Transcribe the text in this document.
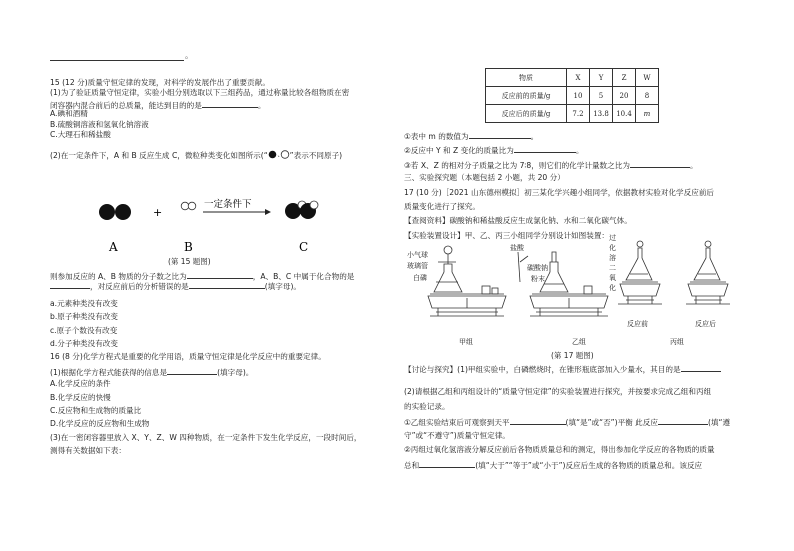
。
15 (12 分)质量守恒定律的发现，对科学的发展作出了重要贡献。
(1)为了验证质量守恒定律，实验小组分别选取以下三组药品，通过称量比较各组物质在密
闭容器内混合前后的总质量，能达到目的的是	。
A.碘和酒精
B.硫酸铜溶液和氢氧化钠溶液
C.大理石和稀盐酸
(2)在一定条件下，A 和 B 反应生成 C，微粒种类变化如图所示(“ 、 ”表示不同原子)
+
一定条件下
A	B	C
(第 15 题图)
则参加反应的 A、B 物质的分子数之比为	，A、B、C 中属于化合物的是
，对反应前后的分析错误的是	(填字母)。
a.元素种类没有改变
b.原子种类没有改变
c.原子个数没有改变
d.分子种类没有改变
16 (8 分)化学方程式是重要的化学用语，质量守恒定律是化学反应中的重要定律。
(1)根据化学方程式能获得的信息是	(填字母)。
A.化学反应的条件
B.化学反应的快慢
C.反应物和生成物的质量比
D.化学反应的反应物和生成物
(3)在一密闭容器里放入 X、Y、Z、W 四种物质，在一定条件下发生化学反应，一段时间后，
测得有关数据如下表：
物质	X	Y	Z	W
反应前的质量/g	10	5	20	8
反应后的质量/g	7.2	13.8	10.4	m
①表中 m 的数值为	。
②反应中 Y 和 Z 变化的质量比为	。
③若 X、Z 的相对分子质量之比为 7∶8，则它们的化学计量数之比为	。
三、实验探究题（本题包括 2 小题，共 20 分）
17 (10 分)［2021 山东德州模拟］初三某化学兴趣小组同学，依据教材实验对化学反应前后
质量变化进行了探究。
【查阅资料】碳酸钠和稀盐酸反应生成氯化钠、水和二氧化碳气体。
【实验装置设计】甲、乙、丙三小组同学分别设计如图装置：
小气球
玻璃管
白磷
盐酸
碳酸钠
粉末
过
化
溶
二
氧
化
反应前	反应后
甲组	乙组	丙组
(第 17 题图)
【讨论与探究】(1)甲组实验中，白磷燃烧时，在锥形瓶底部加入少量水，其目的是
(2)请根据乙组和丙组设计的“质量守恒定律”的实验装置进行探究，并按要求完成乙组和丙组
的实验记录。
①乙组实验结束后可观察到天平	(填“是”或“否”)平衡 此反应	(填“遵
守”或“不遵守”)质量守恒定律。
②丙组过氧化氢溶液分解反应前后各物质质量总和的测定，得出参加化学反应的各物质的质量
总和	(填“大于”“等于”或“小于”)反应后生成的各物质的质量总和。该反应
